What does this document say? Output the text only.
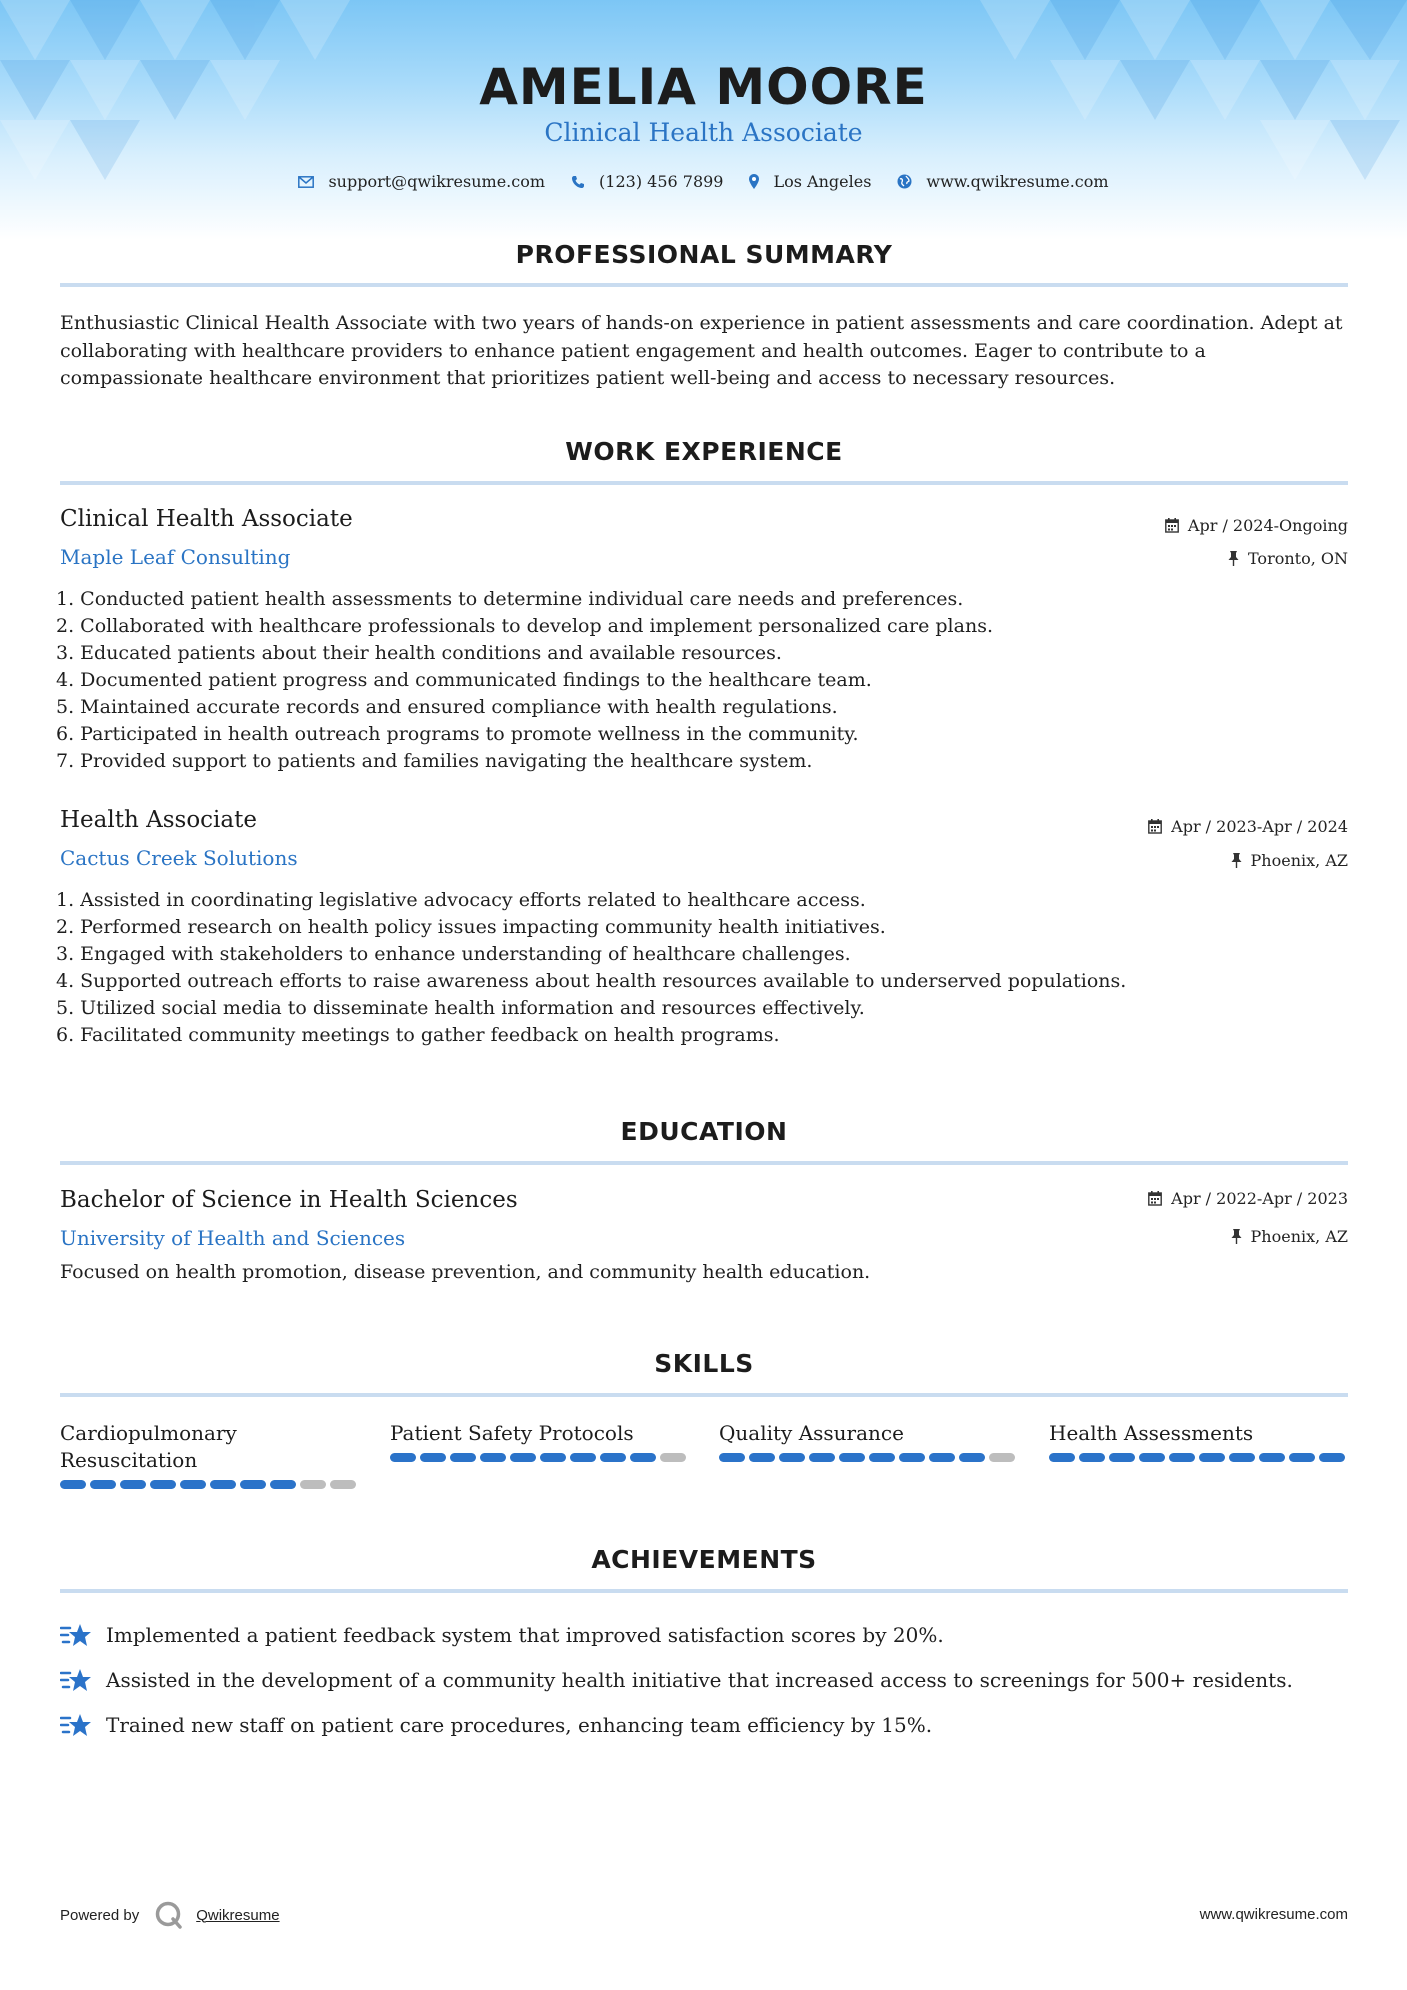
AMELIA MOORE
Clinical Health Associate
support@qwikresume.com	(123) 456 7899	Los Angeles	www.qwikresume.com
PROFESSIONAL SUMMARY
Enthusiastic Clinical Health Associate with two years of hands-on experience in patient assessments and care coordination. Adept at collaborating with healthcare providers to enhance patient engagement and health outcomes. Eager to contribute to a compassionate healthcare environment that prioritizes patient well-being and access to necessary resources.
WORK EXPERIENCE
Clinical Health Associate
Maple Leaf Consulting
Apr / 2024-Ongoing
Toronto, ON
1. Conducted patient health assessments to determine individual care needs and preferences.
2. Collaborated with healthcare professionals to develop and implement personalized care plans.
3. Educated patients about their health conditions and available resources.
4. Documented patient progress and communicated findings to the healthcare team.
5. Maintained accurate records and ensured compliance with health regulations.
6. Participated in health outreach programs to promote wellness in the community.
7. Provided support to patients and families navigating the healthcare system.
Health Associate
Cactus Creek Solutions
Apr / 2023-Apr / 2024
Phoenix, AZ
1. Assisted in coordinating legislative advocacy efforts related to healthcare access.
2. Performed research on health policy issues impacting community health initiatives.
3. Engaged with stakeholders to enhance understanding of healthcare challenges.
4. Supported outreach efforts to raise awareness about health resources available to underserved populations.
5. Utilized social media to disseminate health information and resources effectively.
6. Facilitated community meetings to gather feedback on health programs.
EDUCATION
Bachelor of Science in Health Sciences
University of Health and Sciences
Apr / 2022-Apr / 2023
Phoenix, AZ
Focused on health promotion, disease prevention, and community health education.
SKILLS
Cardiopulmonary Resuscitation
Patient Safety Protocols	Quality Assurance	Health Assessments
ACHIEVEMENTS
Implemented a patient feedback system that improved satisfaction scores by 20%.
Assisted in the development of a community health initiative that increased access to screenings for 500+ residents.
Trained new staff on patient care procedures, enhancing team efficiency by 15%.
Powered by	Qwikresume	www.qwikresume.com
